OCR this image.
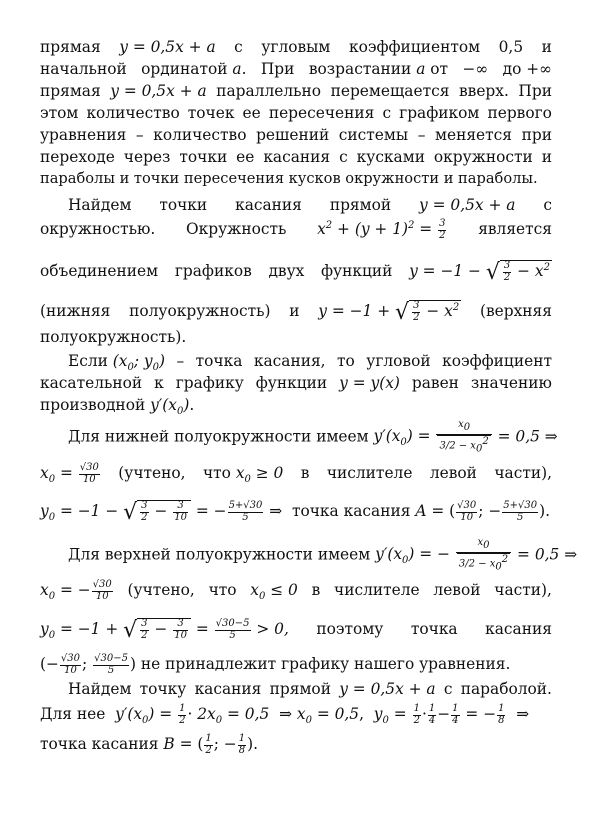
прямая y = 0,5x + a с угловым коэффициентом 0,5 и
начальной ординатой a. При возрастании a от −∞ до +∞
прямая y = 0,5x + a параллельно перемещается вверх. При
этом количество точек ее пересечения с графиком первого
уравнения – количество решений системы – меняется при
переходе через точки ее касания с кусками окружности и
параболы и точки пересечения кусков окружности и параболы.
Найдем точки касания прямой y = 0,5x + a с
окружностью. Окружность $x^2 + (y + 1)^2 = \frac{3}{2}$ является
объединением графиков двух функций y = −1 − √ $\frac{3}{2} - x^2$
(нижняя полуокружность) и y = −1 + √ $\frac{3}{2} - x^2$ (верхняя
полуокружность).
Если ($x_0$; $y_0$) – точка касания, то угловой коэффициент
касательной к графику функции y = y(x) равен значению
производной $y'(x_0)$.
Для нижней полуокружности имеем $y'(x_0) = \frac{x_0}{3/2 - x_0^2} = 0,5$ ⇒
$x_0 = \frac{√30}{10}$ (учтено, что $x_0 \ge 0$ в числителе левой части),
$y_0 = -1$ − √ $\frac{3}{2} - \frac{3}{10}$ = − $\frac{5+√30}{5}$ ⇒  точка касания A = ( $\frac{√30}{10}$ ; − $\frac{5+√30}{5}$ ).
Для верхней полуокружности имеем $y'(x_0)$ = − $\frac{x_0}{3/2 - x_0^2} = 0,5$ ⇒
$x_0$ = − $\frac{√30}{10}$ (учтено, что $x_0 \le 0$ в числителе левой части),
$y_0 = -1$ + √ $\frac{3}{2} - \frac{3}{10} = \frac{√30-5}{5} > 0$, поэтому точка касания
(− $\frac{√30}{10}$ ; $\frac{√30-5}{5}$ ) не принадлежит графику нашего уравнения.
Найдем точку касания прямой y = 0,5x + a с параболой.
Для нее  $y'(x_0) = \frac{1}{2} \cdot 2x_0 = 0,5$  ⇒ $x_0 = 0,5$,  $y_0 = \frac{1}{2} \cdot \frac{1}{4} - \frac{1}{4}$ = − $\frac{1}{8}$ ⇒
точка касания B = ( $\frac{1}{2}$ ; − $\frac{1}{8}$ ).
